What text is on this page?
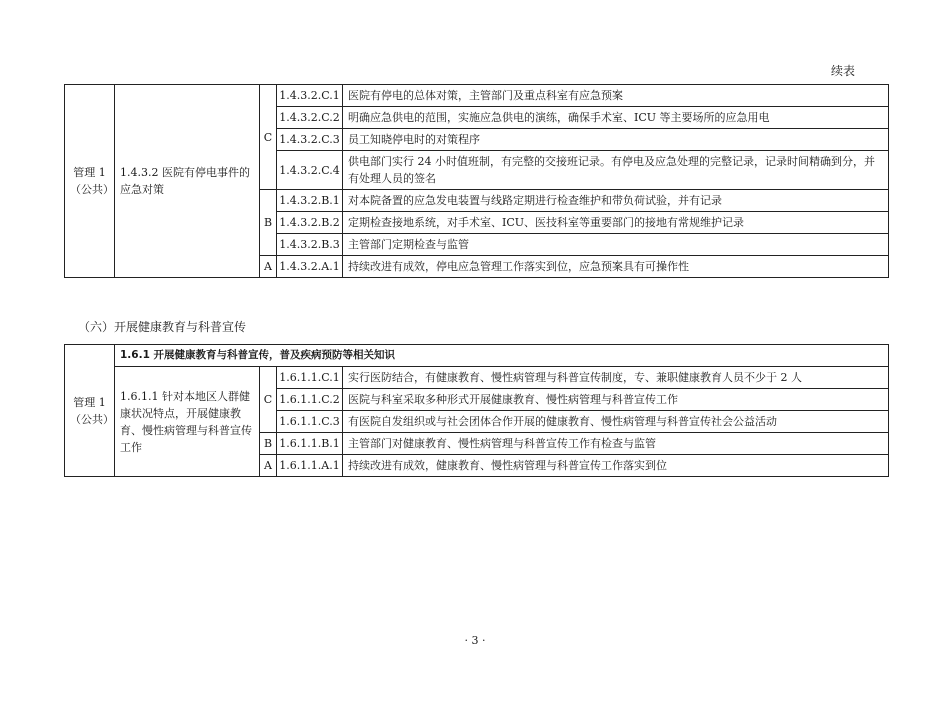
续表
管理 1（公共）	1.4.3.2 医院有停电事件的应急对策	C	1.4.3.2.C.1	医院有停电的总体对策，主管部门及重点科室有应急预案
			1.4.3.2.C.2	明确应急供电的范围，实施应急供电的演练，确保手术室、ICU 等主要场所的应急用电
			1.4.3.2.C.3	员工知晓停电时的对策程序
			1.4.3.2.C.4	供电部门实行 24 小时值班制，有完整的交接班记录。有停电及应急处理的完整记录，记录时间精确到分，并有处理人员的签名
		B	1.4.3.2.B.1	对本院备置的应急发电装置与线路定期进行检查维护和带负荷试验，并有记录
			1.4.3.2.B.2	定期检查接地系统，对手术室、ICU、医技科室等重要部门的接地有常规维护记录
			1.4.3.2.B.3	主管部门定期检查与监管
		A	1.4.3.2.A.1	持续改进有成效，停电应急管理工作落实到位，应急预案具有可操作性
（六）开展健康教育与科普宣传
管理 1（公共）	1.6.1 开展健康教育与科普宣传，普及疾病预防等相关知识			
	1.6.1.1 针对本地区人群健康状况特点，开展健康教育、慢性病管理与科普宣传工作	C	1.6.1.1.C.1	实行医防结合，有健康教育、慢性病管理与科普宣传制度，专、兼职健康教育人员不少于 2 人
			1.6.1.1.C.2	医院与科室采取多种形式开展健康教育、慢性病管理与科普宣传工作
			1.6.1.1.C.3	有医院自发组织或与社会团体合作开展的健康教育、慢性病管理与科普宣传社会公益活动
		B	1.6.1.1.B.1	主管部门对健康教育、慢性病管理与科普宣传工作有检查与监管
		A	1.6.1.1.A.1	持续改进有成效，健康教育、慢性病管理与科普宣传工作落实到位
· 3 ·
